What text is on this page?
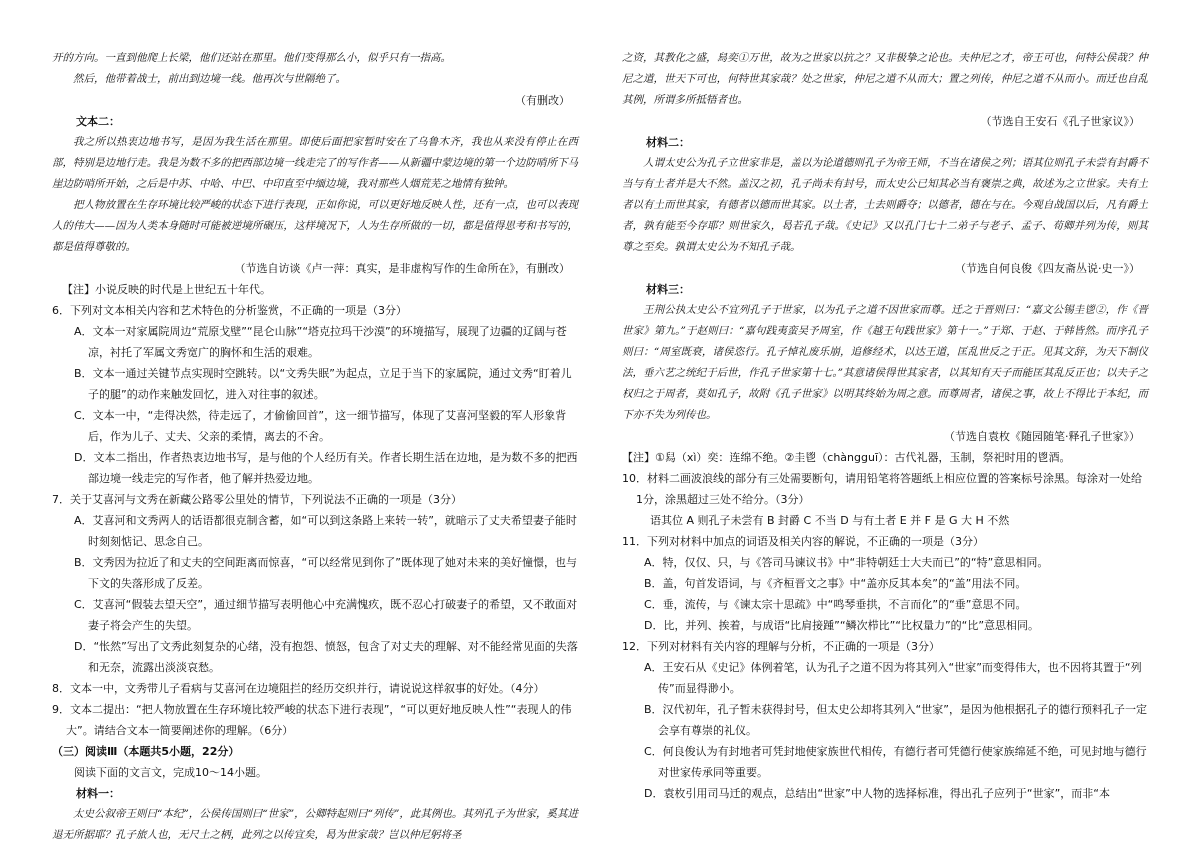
开的方向。一直到他爬上长梁，他们还站在那里。他们变得那么小，似乎只有一指高。

然后，他带着战士，前出到边境一线。他再次与世隔绝了。

（有删改）

文本二：

我之所以热衷边地书写，是因为我生活在那里。即使后面把家暂时安在了乌鲁木齐，我也从来没有停止在西部，特别是边地行走。我是为数不多的把西部边境一线走完了的写作者——从新疆中蒙边境的第一个边防哨所下马崖边防哨所开始，之后是中苏、中哈、中巴、中印直至中缅边境，我对那些人烟荒芜之地情有独钟。

把人物放置在生存环境比较严峻的状态下进行表现，正如你说，可以更好地反映人性，还有一点，也可以表现人的伟大——因为人类本身随时可能被逆境所碾压，这样境况下，人为生存所做的一切，都是值得思考和书写的，都是值得尊敬的。

（节选自访谈《卢一萍：真实，是非虚构写作的生命所在》，有删改）

【注】小说反映的时代是上世纪五十年代。

6．下列对文本相关内容和艺术特色的分析鉴赏，不正确的一项是（3分）

A．文本一对家属院周边“荒原戈壁”“昆仑山脉”“塔克拉玛干沙漠”的环境描写，展现了边疆的辽阔与苍凉，衬托了军属文秀宽广的胸怀和生活的艰难。

B．文本一通过关键节点实现时空跳转。以“文秀失眠”为起点，立足于当下的家属院，通过文秀“盯着儿子的腿”的动作来触发回忆，进入对往事的叙述。

C．文本一中，“走得决然，待走远了，才偷偷回首”，这一细节描写，体现了艾喜河坚毅的军人形象背后，作为儿子、丈夫、父亲的柔情，离去的不舍。

D．文本二指出，作者热衷边地书写，是与他的个人经历有关。作者长期生活在边地，是为数不多的把西部边境一线走完的写作者，他了解并热爱边地。

7．关于艾喜河与文秀在新藏公路零公里处的情节，下列说法不正确的一项是（3分）

A．艾喜河和文秀两人的话语都很克制含蓄，如“可以到这条路上来转一转”，就暗示了丈夫希望妻子能时时刻刻惦记、思念自己。

B．文秀因为拉近了和丈夫的空间距离而惊喜，“可以经常见到你了”既体现了她对未来的美好憧憬，也与下文的失落形成了反差。

C．艾喜河“假装去望天空”，通过细节描写表明他心中充满愧疚，既不忍心打破妻子的希望，又不敢面对妻子将会产生的失望。

D．“怅然”写出了文秀此刻复杂的心绪，没有抱怨、愤怒，包含了对丈夫的理解、对不能经常见面的失落和无奈，流露出淡淡哀愁。

8．文本一中，文秀带儿子看病与艾喜河在边境阻拦的经历交织并行，请说说这样叙事的好处。（4分）

9．文本二提出：“把人物放置在生存环境比较严峻的状态下进行表现”，“可以更好地反映人性”“表现人的伟大”。请结合文本一简要阐述你的理解。（6分）

（三）阅读Ⅲ（本题共5小题，22分）

阅读下面的文言文，完成10～14小题。

材料一：

太史公叙帝王则曰“本纪”，公侯传国则曰“世家”，公卿特起则曰“列传”，此其例也。其列孔子为世家，奚其进退无所据耶？孔子旅人也，无尺土之柄，此列之以传宜矣，曷为世家哉？岂以仲尼躬将圣

之资，其教化之盛，舄奕①万世，故为之世家以抗之？又非极挚之论也。夫仲尼之才，帝王可也，何特公侯哉？仲尼之道，世天下可也，何特世其家哉？处之世家，仲尼之道不从而大；置之列传，仲尼之道不从而小。而迁也自乱其例，所谓多所抵牾者也。

（节选自王安石《孔子世家议》）

材料二：

人谓太史公为孔子立世家非是，盖以为论道德则孔子为帝王师，不当在诸侯之列；语其位则孔子未尝有封爵不当与有土者并是大不然。盖汉之初，孔子尚未有封号，而太史公已知其必当有褒崇之典，故述为之立世家。夫有土者以有土而世其家，有德者以德而世其家。以土者，土去则爵夺；以德者，德在与在。今观自战国以后，凡有爵土者，孰有能至今存耶？则世家久，曷若孔子哉。《史记》又以孔门七十二弟子与老子、孟子、荀卿并列为传，则其尊之至矣。孰谓太史公为不知孔子哉。

（节选自何良俊《四友斋丛说·史一》）

材料三：

王荆公执太史公不宜列孔子于世家，以为孔子之道不因世家而尊。迁之于晋则曰：“嘉文公锡圭鬯②，作《晋世家》第九。”于赵则曰：“嘉句践夷蛮吴予周室，作《越王句践世家》第十一。”于郑、于赵、于韩皆然。而序孔子则曰：“周室既衰，诸侯恣行。孔子悼礼废乐崩，追修经术，以达王道，匡乱世反之于正。见其文辞，为天下制仪法，垂六艺之统纪于后世，作孔子世家第十七。”其意诸侯得世其家者，以其知有天子而能匡其乱反正也；以夫子之权归之于周者，莫如孔子，故附《孔子世家》以明其终始为周之意。而尊周者，诸侯之事，故上不得比于本纪，而下亦不失为列传也。

（节选自袁枚《随园随笔·释孔子世家》）

【注】①舄（xì）奕：连绵不绝。②圭鬯（chàngguī）：古代礼器，玉制，祭祀时用的鬯酒。

10．材料二画波浪线的部分有三处需要断句，请用铅笔将答题纸上相应位置的答案标号涂黑。每涂对一处给1分，涂黑超过三处不给分。（3分）

语其位 A 则孔子未尝有 B 封爵 C 不当 D 与有土者 E 并 F 是 G 大 H 不然

11．下列对材料中加点的词语及相关内容的解说，不正确的一项是（3分）

A．特，仅仅、只，与《答司马谏议书》中“非特朝廷士大夫而已”的“特”意思相同。

B．盖，句首发语词，与《齐桓晋文之事》中“盖亦反其本矣”的“盖”用法不同。

C．垂，流传，与《谏太宗十思疏》中“鸣琴垂拱，不言而化”的“垂”意思不同。

D．比，并列、挨着，与成语“比肩接踵”“鳞次栉比”“比权量力”的“比”意思相同。

12．下列对材料有关内容的理解与分析，不正确的一项是（3分）

A．王安石从《史记》体例着笔，认为孔子之道不因为将其列入“世家”而变得伟大，也不因将其置于“列传”而显得渺小。

B．汉代初年，孔子暂未获得封号，但太史公却将其列入“世家”，是因为他根据孔子的德行预料孔子一定会享有尊崇的礼仪。

C．何良俊认为有封地者可凭封地使家族世代相传，有德行者可凭德行使家族绵延不绝，可见封地与德行对世家传承同等重要。

D．袁枚引用司马迁的观点，总结出“世家”中人物的选择标准，得出孔子应列于“世家”，而非“本
